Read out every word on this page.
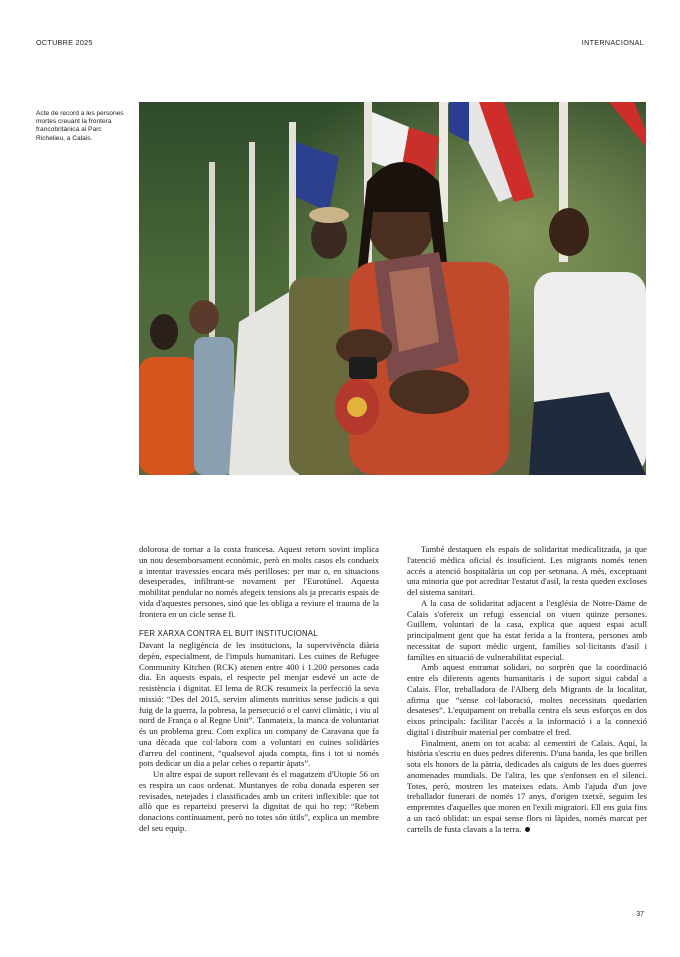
OCTUBRE 2025	INTERNACIONAL
Acte de record a les persones mortes creuant la frontera francobritànica al Parc Richelieu, a Calais.

dolorosa de tornar a la costa francesa. Aquest retorn sovint implica un nou desemborsament econòmic, però en molts casos els condueix a intentar travessies encara més perilloses: per mar o, en situacions desesperades, infiltrant-se novament per l'Eurotúnel. Aquesta mobilitat pendular no només afegeix tensions als ja precaris espais de vida d'aquestes persones, sinó que les obliga a reviure el trauma de la frontera en un cicle sense fi.

FER XARXA CONTRA EL BUIT INSTITUCIONAL

Davant la negligència de les institucions, la supervivència diària depèn, especialment, de l'impuls humanitari. Les cuines de Refugee Community Kitchen (RCK) atenen entre 400 i 1.200 persones cada dia. En aquests espais, el respecte pel menjar esdevé un acte de resistència i dignitat. El lema de RCK resumeix la perfecció la seva missió: “Des del 2015, servim aliments nutritius sense judicis a qui fuig de la guerra, la pobresa, la persecució o el canvi climàtic, i viu al nord de França o al Regne Unit”. Tanmateix, la manca de voluntariat és un problema greu. Com explica un company de Caravana que fa una dècada que col·labora com a voluntari en cuines solidàries d'arreu del continent, “qualsevol ajuda compta, fins i tot si només pots dedicar un dia a pelar cebes o repartir àpats”.

Un altre espai de suport rellevant és el magatzem d'Utopie 56 on es respira un caos ordenat. Muntanyes de roba donada esperen ser revisades, netejades i classificades amb un criteri inflexible: que tot allò que es reparteixi preservi la dignitat de qui ho rep: “Rebem donacions contínuament, però no totes són útils”, explica un membre del seu equip.

També destaquen els espais de solidaritat medicalitzada, ja que l'atenció mèdica oficial és insuficient. Les migrants només tenen accés a atenció hospitalària un cop per setmana. A més, exceptuant una minoria que pot acreditar l'estatut d'asil, la resta queden excloses del sistema sanitari.

A la casa de solidaritat adjacent a l'església de Notre-Dame de Calais s'ofereix un refugi essencial on viuen quinze persones. Guillem, voluntari de la casa, explica que aquest espai acull principalment gent que ha estat ferida a la frontera, persones amb necessitat de suport mèdic urgent, famílies sol·licitants d'asil i famílies en situació de vulnerabilitat especial.

Amb aquest entramat solidari, no sorprèn que la coordinació entre els diferents agents humanitaris i de suport sigui cabdal a Calais. Flor, treballadora de l'Alberg dels Migrants de la localitat, afirma que “sense col·laboració, moltes necessitats quedarien desateses”. L'equipament on treballa centra els seus esforços en dos eixos principals: facilitar l'accés a la informació i a la connexió digital i distribuir material per combatre el fred.

Finalment, anem on tot acaba: al cementiri de Calais. Aquí, la història s'escriu en dues pedres diferents. D'una banda, les que brillen sota els honors de la pàtria, dedicades als caiguts de les dues guerres anomenades mundials. De l'altra, les que s'enfonsen en el silenci. Totes, però, mostren les mateixes edats. Amb l'ajuda d'un jove treballador funerari de només 17 anys, d'origen txetxè, seguim les empremtes d'aquelles que moren en l'exili migratori. Ell ens guia fins a un racó oblidat: un espai sense flors ni làpides, només marcat per cartells de fusta clavats a la terra.

37
